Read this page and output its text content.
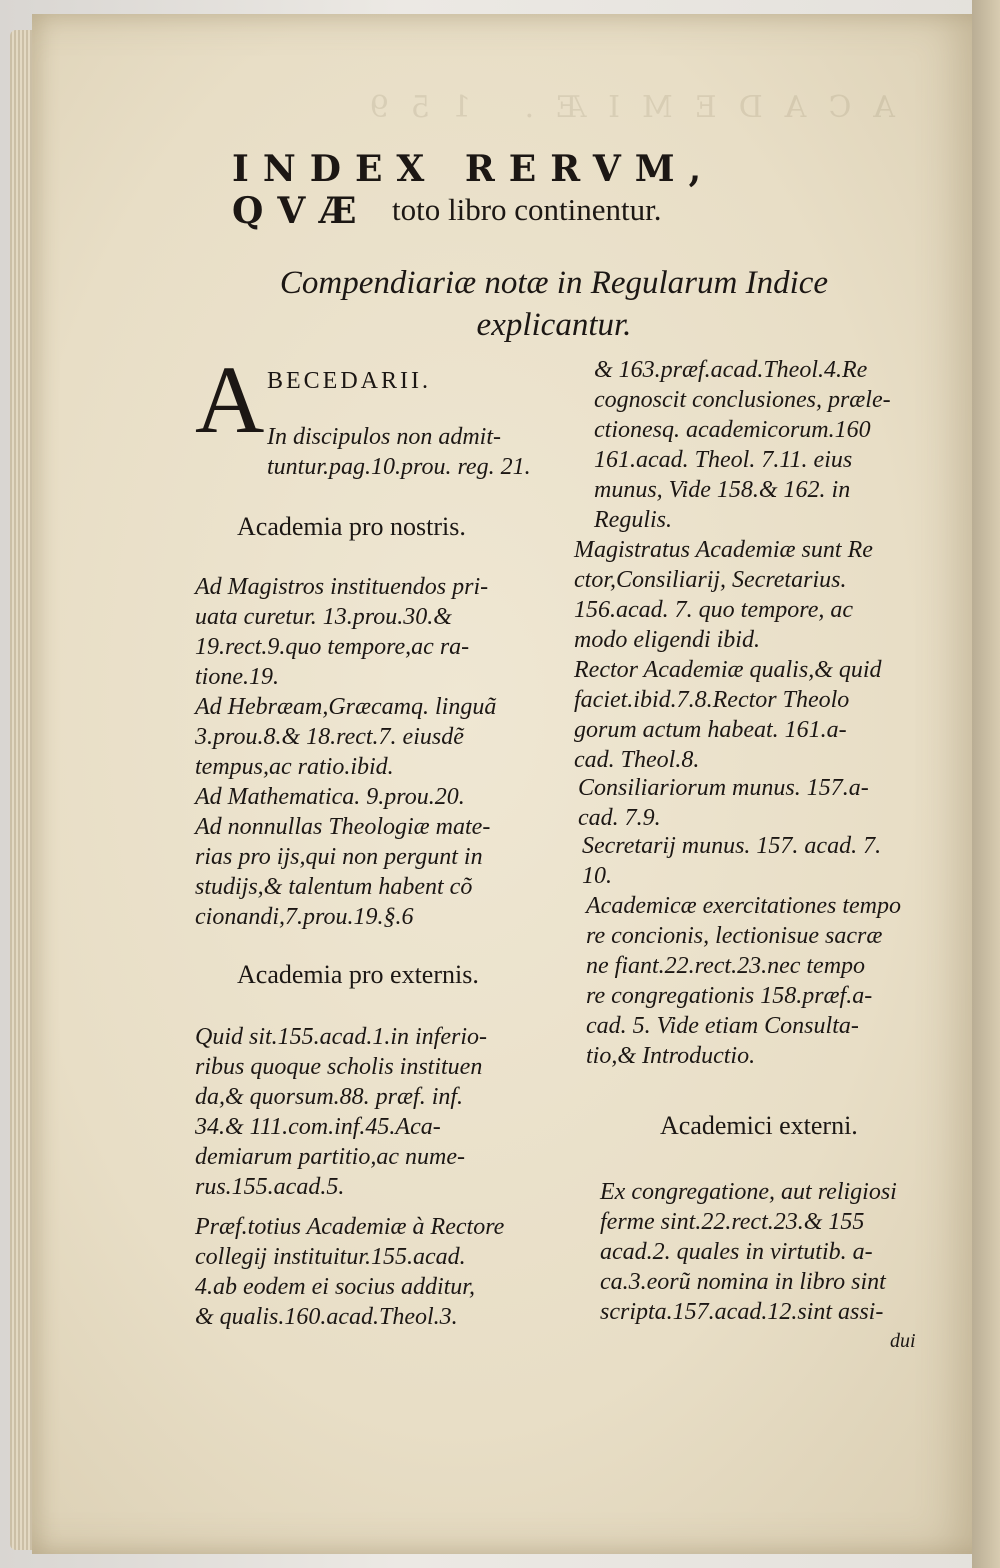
ACADEMIÆ. 159
INDEX RERVM, QVÆ toto libro continentur.
Compendiariæ notæ in Regularum Indice explicantur.
A BECEDARII.
In discipulos non admit-
tuntur.pag.10.prou. reg. 21.
Academia pro nostris.
Ad Magistros instituendos pri-
uata curetur. 13.prou.30.&
19.rect.9.quo tempore,ac ra-
tione.19.
Ad Hebræam,Græcamq. linguã
3.prou.8.& 18.rect.7. eiusdẽ
tempus,ac ratio.ibid.
Ad Mathematica. 9.prou.20.
Ad nonnullas Theologiæ mate-
rias pro ijs,qui non pergunt in
studijs,& talentum habent cõ
cionandi,7.prou.19.§.6
Academia pro externis.
Quid sit.155.acad.1.in inferio-
ribus quoque scholis instituen
da,& quorsum.88. præf. inf.
34.& 111.com.inf.45.Aca-
demiarum partitio,ac nume-
rus.155.acad.5.
Præf.totius Academiæ à Rectore
collegij instituitur.155.acad.
4.ab eodem ei socius additur,
& qualis.160.acad.Theol.3.
& 163.præf.acad.Theol.4.Re
cognoscit conclusiones, præle-
ctionesq. academicorum.160
161.acad. Theol. 7.11. eius
munus, Vide 158.& 162. in
Regulis.
Magistratus Academiæ sunt Re
ctor,Consiliarij, Secretarius.
156.acad. 7. quo tempore, ac
modo eligendi ibid.
Rector Academiæ qualis,& quid
faciet.ibid.7.8.Rector Theolo
gorum actum habeat. 161.a-
cad. Theol.8.
Consiliariorum munus. 157.a-
cad. 7.9.
Secretarij munus. 157. acad. 7.
10.
Academicæ exercitationes tempo
re concionis, lectionisue sacræ
ne fiant.22.rect.23.nec tempo
re congregationis 158.præf.a-
cad. 5. Vide etiam Consulta-
tio,& Introductio.
Academici externi.
Ex congregatione, aut religiosi
ferme sint.22.rect.23.& 155
acad.2. quales in virtutib. a-
ca.3.eorũ nomina in libro sint
scripta.157.acad.12.sint assi-
dui
